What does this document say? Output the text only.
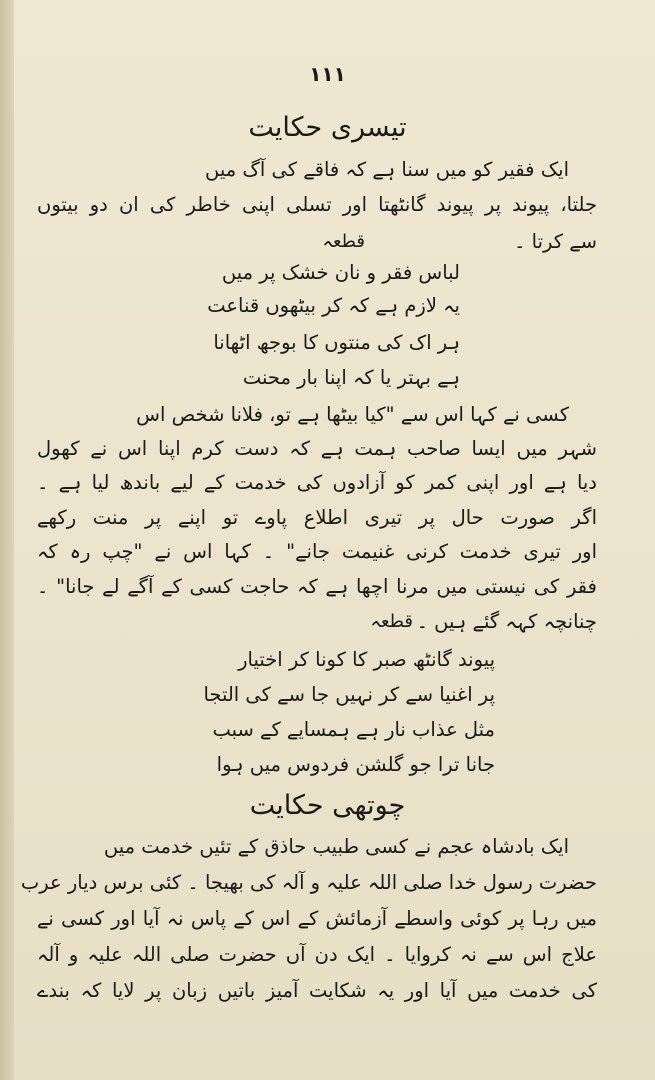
١١١
تیسری حکایت
ایک فقیر کو میں سنا ہے کہ فاقے کی آگ میں
جلتا، پیوند پر پیوند گانٹھتا اور تسلی اپنی خاطر کی ان دو بیتوں
سے کرتا ۔
قطعہ
لباس فقر و نان خشک پر میں
یہ لازم ہے کہ کر بیٹھوں قناعت
ہر اک کی منتوں کا بوجھ اٹھانا
ہے بہتر یا کہ اپنا بار محنت
کسی نے کہا اس سے "کیا بیٹھا ہے تو، فلانا شخص اس
شہر میں ایسا صاحب ہمت ہے کہ دست کرم اپنا اس نے کھول
دیا ہے اور اپنی کمر کو آزادوں کی خدمت کے لیے باندھ لیا ہے ۔
اگر صورت حال پر تیری اطلاع پاوے تو اپنے پر منت رکھے
اور تیری خدمت کرنی غنیمت جانے" ۔ کہا اس نے "چپ رہ کہ
فقر کی نیستی میں مرنا اچھا ہے کہ حاجت کسی کے آگے لے جانا" ۔
چنانچہ کہہ گئے ہیں ۔
قطعہ
پیوند گانٹھ صبر کا کونا کر اختیار
پر اغنیا سے کر نہیں جا سے کی التجا
مثل عذاب نار ہے ہمسایے کے سبب
جانا ترا جو گلشن فردوس میں ہوا
چوتھی حکایت
ایک بادشاہ عجم نے کسی طبیب حاذق کے تئیں خدمت میں
حضرت رسول خدا صلی اللہ علیہ و آلہ کی بھیجا ۔ کئی برس دیار عرب
میں رہا پر کوئی واسطے آزمائش کے اس کے پاس نہ آیا اور کسی نے
علاج اس سے نہ کروایا ۔ ایک دن آں حضرت صلی اللہ علیہ و آلہ
کی خدمت میں آیا اور یہ شکایت آمیز باتیں زبان پر لایا کہ بندے
